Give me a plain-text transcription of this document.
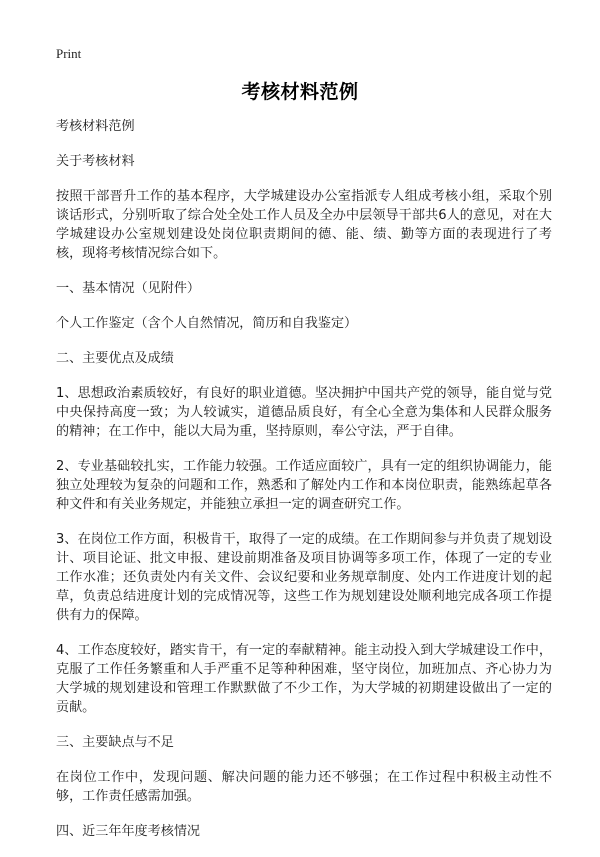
Print
考核材料范例

考核材料范例

关于考核材料

按照干部晋升工作的基本程序，大学城建设办公室指派专人组成考核小组，采取个别谈话形式，分别听取了综合处全处工作人员及全办中层领导干部共6人的意见，对在大学城建设办公室规划建设处岗位职责期间的德、能、绩、勤等方面的表现进行了考核，现将考核情况综合如下。

一、基本情况（见附件）

个人工作鉴定（含个人自然情况，简历和自我鉴定）

二、主要优点及成绩

1、思想政治素质较好，有良好的职业道德。坚决拥护中国共产党的领导，能自觉与党中央保持高度一致；为人较诚实，道德品质良好，有全心全意为集体和人民群众服务的精神；在工作中，能以大局为重，坚持原则，奉公守法，严于自律。

2、专业基础较扎实，工作能力较强。工作适应面较广，具有一定的组织协调能力，能独立处理较为复杂的问题和工作，熟悉和了解处内工作和本岗位职责，能熟练起草各种文件和有关业务规定，并能独立承担一定的调查研究工作。

3、在岗位工作方面，积极肯干，取得了一定的成绩。在工作期间参与并负责了规划设计、项目论证、批文申报、建设前期准备及项目协调等多项工作，体现了一定的专业工作水准；还负责处内有关文件、会议纪要和业务规章制度、处内工作进度计划的起草，负责总结进度计划的完成情况等，这些工作为规划建设处顺利地完成各项工作提供有力的保障。

4、工作态度较好，踏实肯干，有一定的奉献精神。能主动投入到大学城建设工作中，克服了工作任务繁重和人手严重不足等种种困难，坚守岗位，加班加点、齐心协力为大学城的规划建设和管理工作默默做了不少工作，为大学城的初期建设做出了一定的贡献。

三、主要缺点与不足

在岗位工作中，发现问题、解决问题的能力还不够强；在工作过程中积极主动性不够，工作责任感需加强。

四、近三年年度考核情况
